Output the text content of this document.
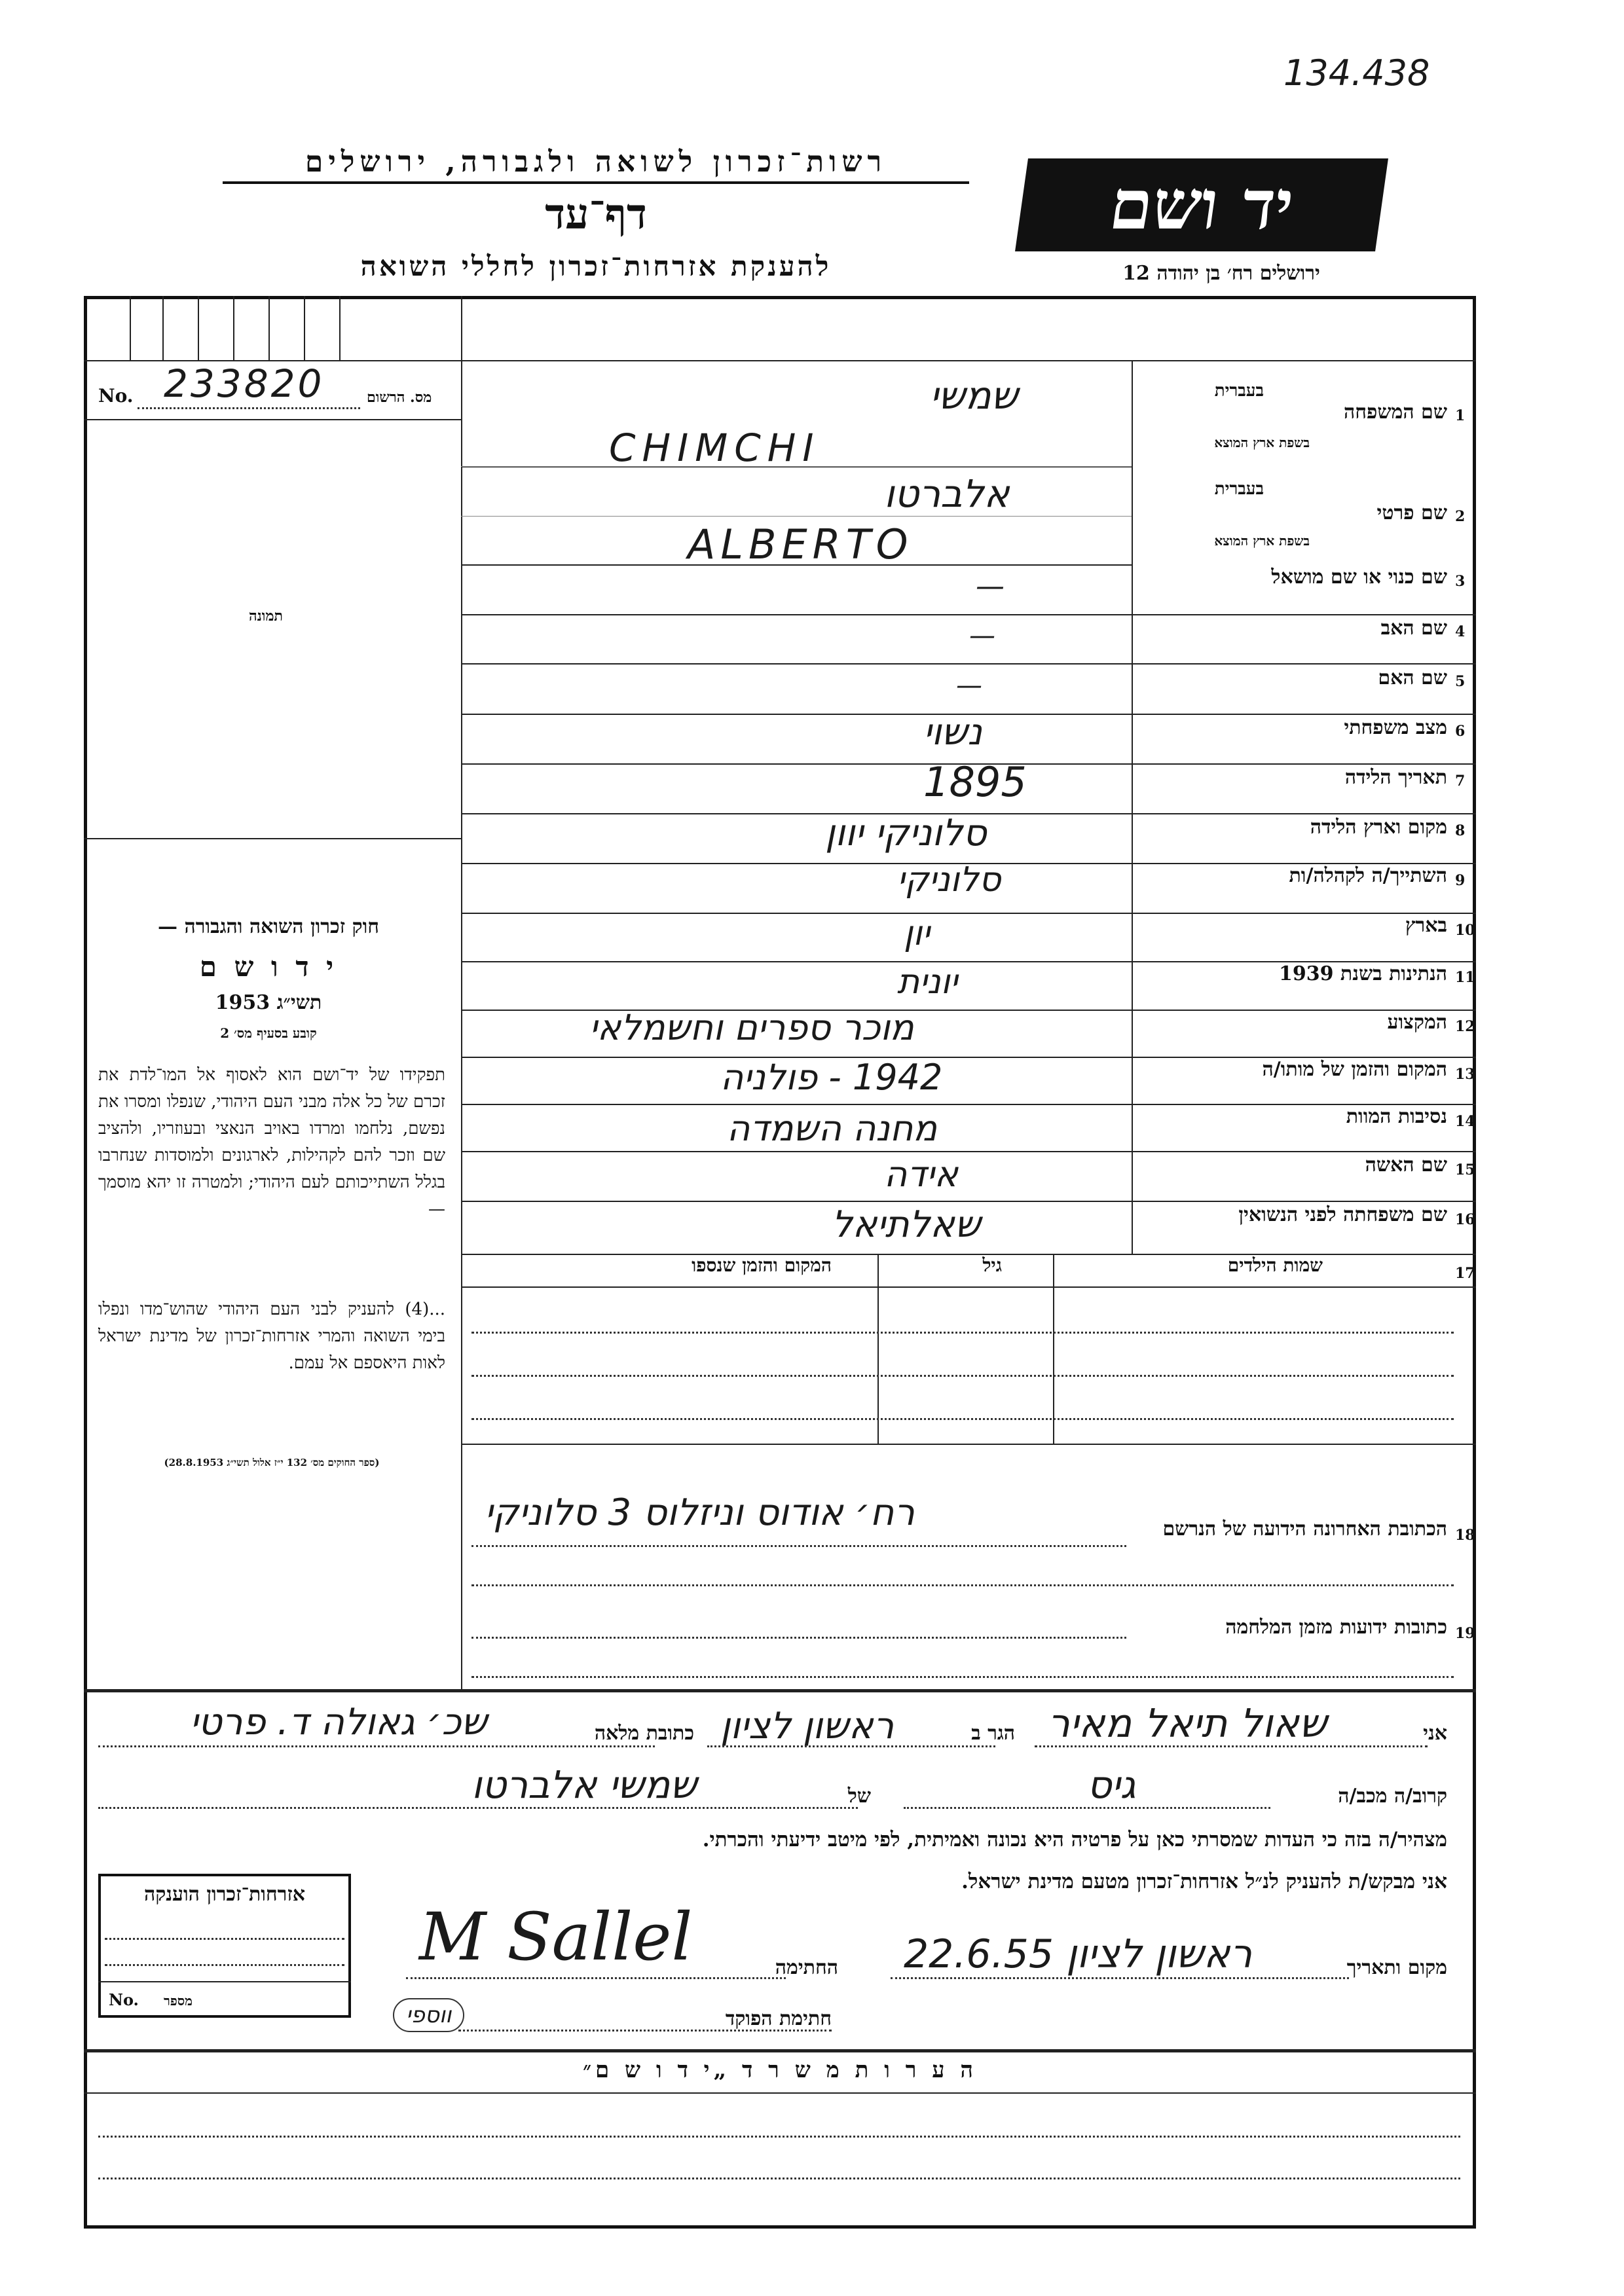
134.438
רשות־זכרון לשואה ולגבורה, ירושלים
דף־עד
להענקת אזרחות־זכרון לחללי השואה
יד ושם
ירושלים רח׳ בן יהודה 12
No. 233820	מס. הרשום
תמונה
חוק זכרון השואה והגבורה —
י ד ו ש ם
תשי״ג 1953
קובע בסעיף מס׳ 2
תפקידו של יד־ושם הוא לאסוף אל המו־לדת את זכרם של כל אלה מבני העם היהודי, שנפלו ומסרו את נפשם, נלחמו ומרדו באויב הנאצי ובעוזריו, ולהציב שם וזכר להם לקהילות, לארגונים ולמוסדות שנחרבו בגלל השתייכותם לעם היהודי; ולמטרה זו יהא מוסמך —
...(4) להעניק לבני העם היהודי שהוש־מדו ונפלו בימי השואה והמרי אזרחות־זכרון של מדינת ישראל לאות היאספם אל עמם.
(ספר החוקים מס׳ 132 י״ז אלול תשי״ג 28.8.1953)
1
שם המשפחה
בעברית
בשפת ארץ המוצא
שמשי
CHIMCHI
2
שם פרטי
בעברית
בשפת ארץ המוצא
אלברטו
ALBERTO
3
שם כנוי או שם מושאל
—
4
שם האב
—
5
שם האם
—
6
מצב משפחתי
נשוי
7
תאריך הלידה
1895
8
מקום וארץ הלידה
סלוניקי יוון
9
השתייך/ה לקהלה/ות
סלוניקי
10
בארץ
יון
11
הנתינות בשנת 1939
יונית
12
המקצוע
מוכר ספרים וחשמלאי
13
המקום והזמן של מותו/ה
1942 - פולניה
14
נסיבות המוות
מחנה השמדה
15
שם האשה
אידה
16
שם משפחתה לפני הנשואין
שאלתיאל
17
שמות הילדים
גיל
המקום והזמן שנספו
18
הכתובת האחרונה הידועה של הנרשם
רח׳ אודוס וניזלוס 3 סלוניקי
19
כתובות ידועות מזמן המלחמה
אני
שאול תיאל מאיר
הגר ב
ראשון לציון
כתובת מלאה
שכ׳ גאולה ד. פרטי
קרוב/ה מכב/ה
גיס
של
שמשי אלברטו
מצהיר/ה בזה כי העדות שמסרתי כאן על פרטיה היא נכונה ואמיתית, לפי מיטב ידיעתי והכרתי.
אני מבקש/ת להעניק לנ״ל אזרחות־זכרון מטעם מדינת ישראל.
מקום ותאריך
ראשון לציון 22.6.55
החתימה
M Sallel
חתימת הפוקד
ווספי
אזרחות־זכרון הוענקה
No. מספר
ה ע ר ו ת מ ש ר ד „י ד ו ש ם״
